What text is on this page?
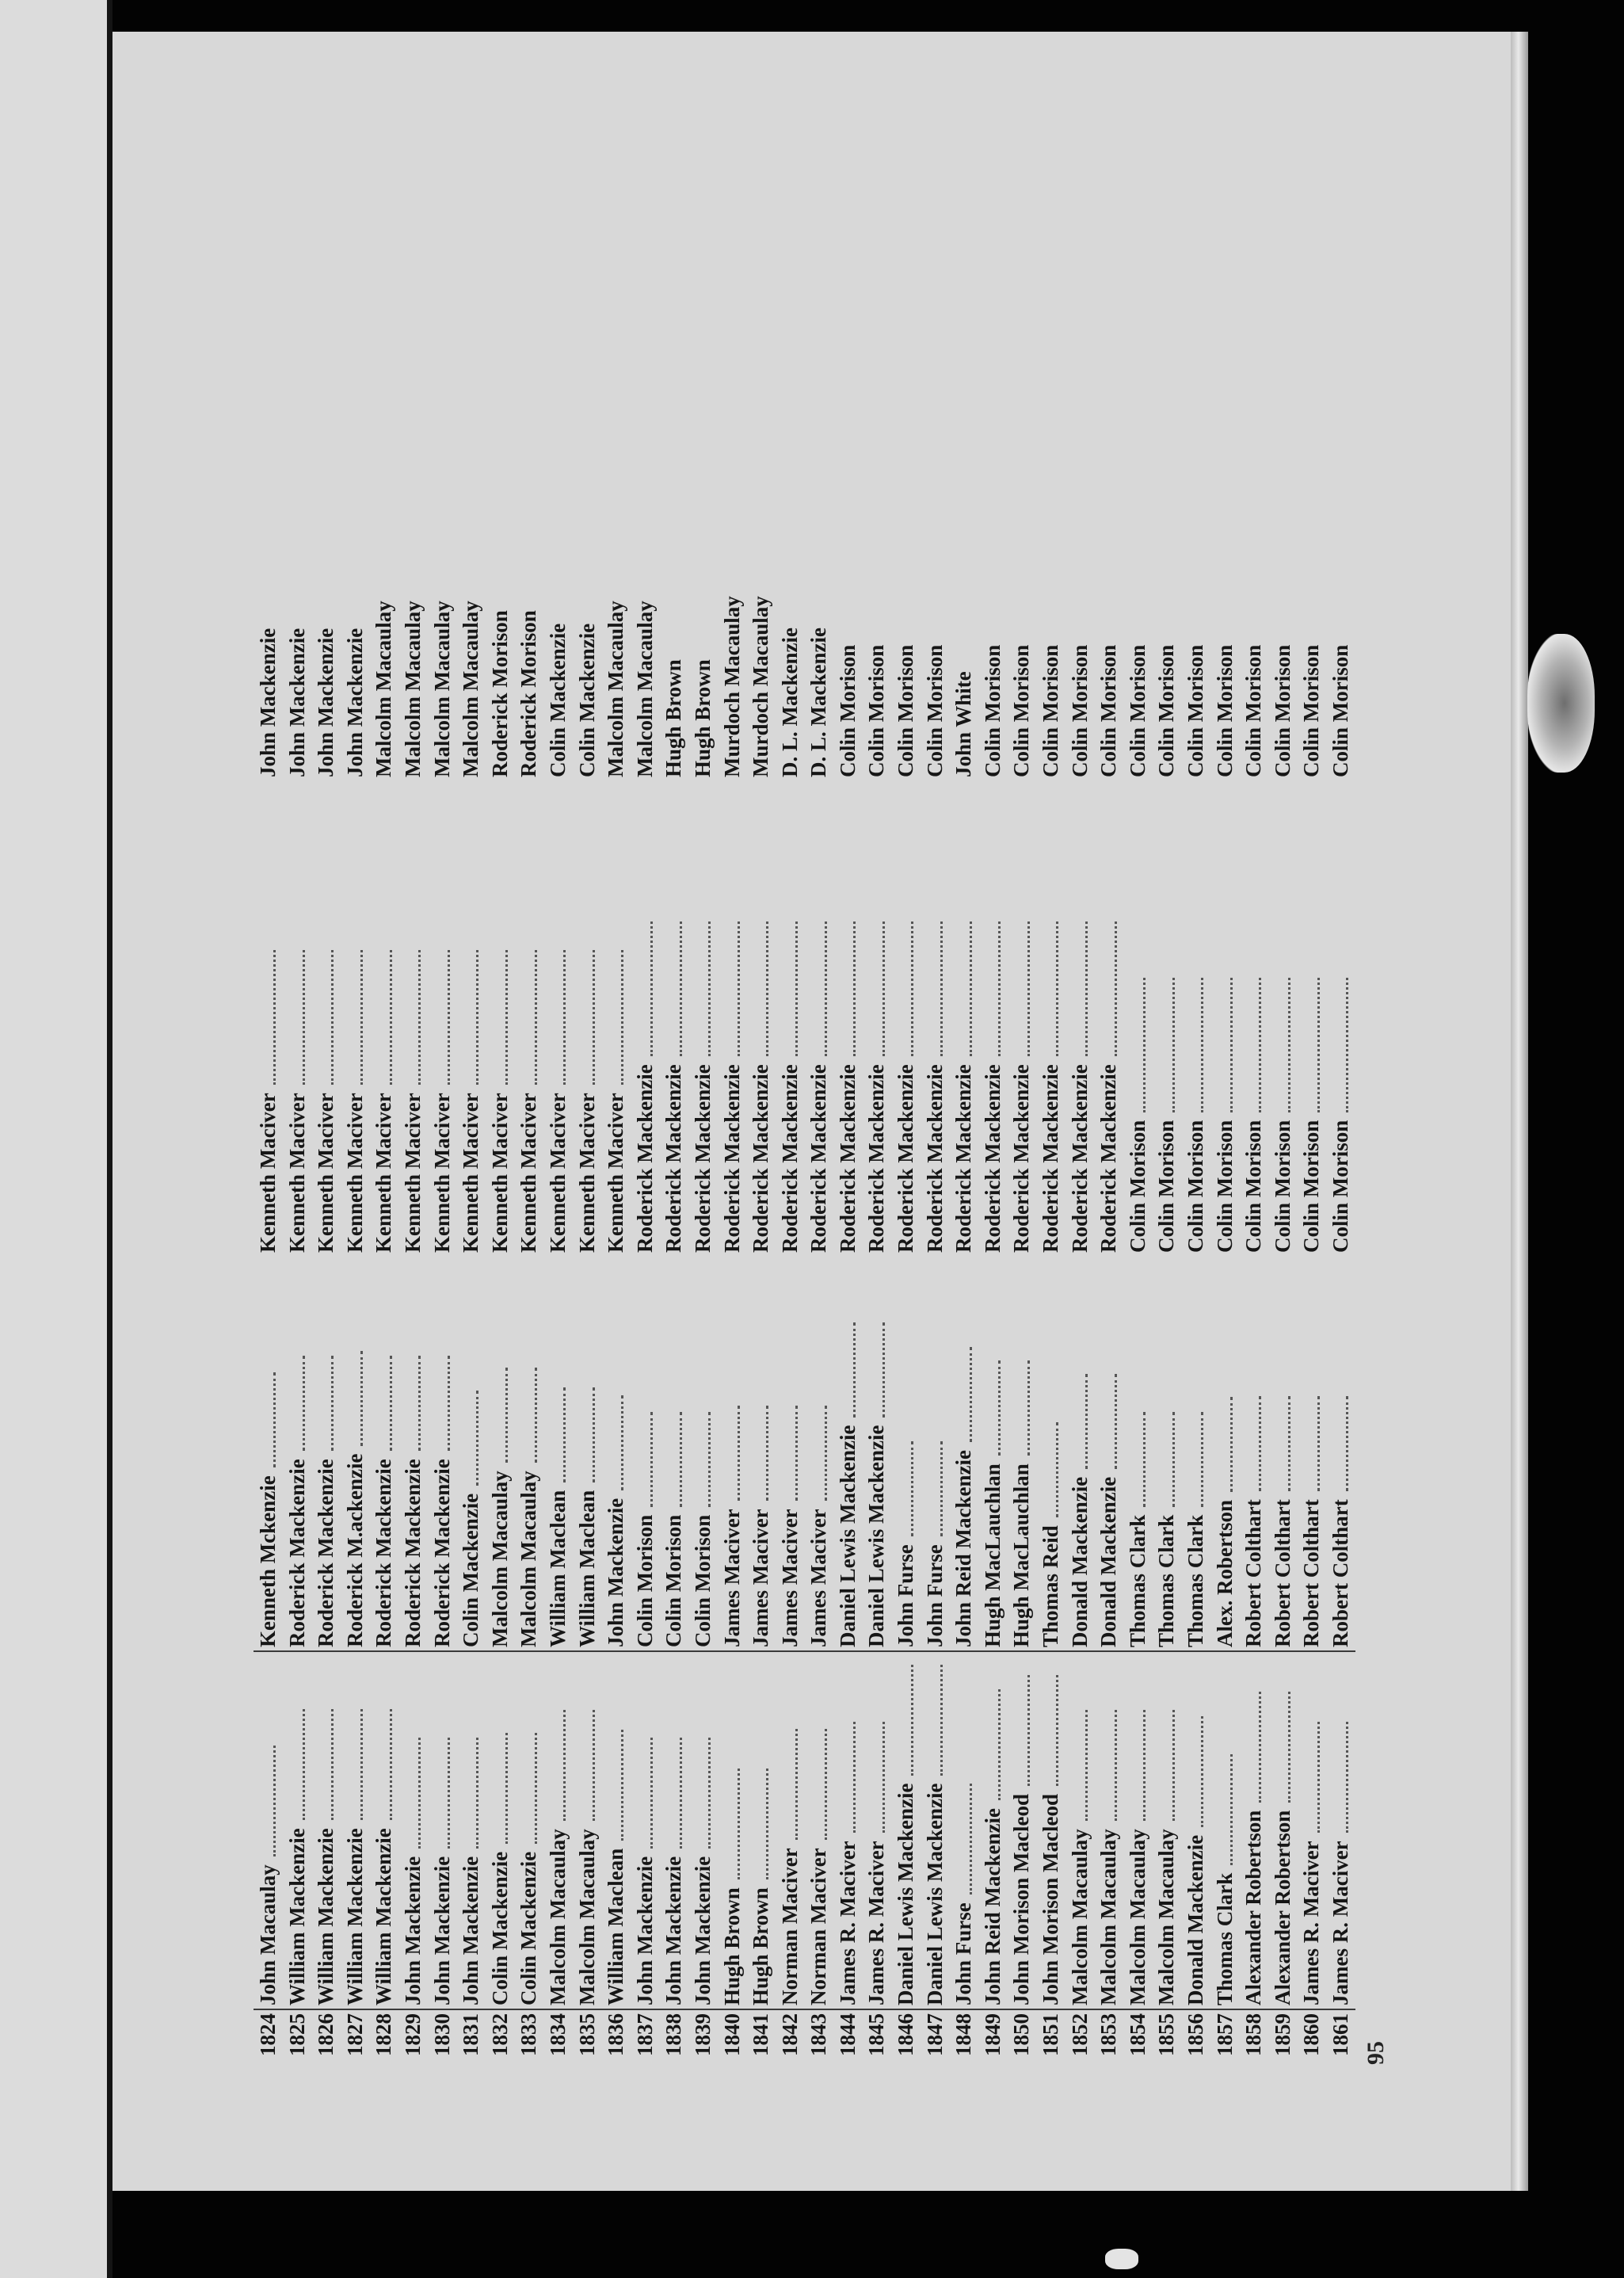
1824
John Macaulay
Kenneth Mckenzie
Kenneth Maciver
John Mackenzie
1825
William Mackenzie
Roderick Mackenzie
Kenneth Maciver
John Mackenzie
1826
William Mackenzie
Roderick Mackenzie
Kenneth Maciver
John Mackenzie
1827
William Mackenzie
Roderick M.ackenzie
Kenneth Maciver
John Mackenzie
1828
William Mackenzie
Roderick Mackenzie
Kenneth Maciver
Malcolm Macaulay
1829
John Mackenzie
Roderick Mackenzie
Kenneth Maciver
Malcolm Macaulay
1830
John Mackenzie
Roderick Mackenzie
Kenneth Maciver
Malcolm Macaulay
1831
John Mackenzie
Colin Mackenzie
Kenneth Maciver
Malcolm Macaulay
1832
Colin Mackenzie
Malcolm Macaulay
Kenneth Maciver
Roderick Morison
1833
Colin Mackenzie
Malcolm Macaulay
Kenneth Maciver
Roderick Morison
1834
Malcolm Macaulay
William Maclean
Kenneth Maciver
Colin Mackenzie
1835
Malcolm Macaulay
William Maclean
Kenneth Maciver
Colin Mackenzie
1836
William Maclean
John Mackenzie
Kenneth Maciver
Malcolm Macaulay
1837
John Mackenzie
Colin Morison
Roderick Mackenzie
Malcolm Macaulay
1838
John Mackenzie
Colin Morison
Roderick Mackenzie
Hugh Brown
1839
John Mackenzie
Colin Morison
Roderick Mackenzie
Hugh Brown
1840
Hugh Brown
James Maciver
Roderick Mackenzie
Murdoch Macaulay
1841
Hugh Brown
James Maciver
Roderick Mackenzie
Murdoch Macaulay
1842
Norman Maciver
James Maciver
Roderick Mackenzie
D. L. Mackenzie
1843
Norman Maciver
James Maciver
Roderick Mackenzie
D. L. Mackenzie
1844
James R. Maciver
Daniel Lewis Mackenzie
Roderick Mackenzie
Colin Morison
1845
James R. Maciver
Daniel Lewis Mackenzie
Roderick Mackenzie
Colin Morison
1846
Daniel Lewis Mackenzie
John Furse
Roderick Mackenzie
Colin Morison
1847
Daniel Lewis Mackenzie
John Furse
Roderick Mackenzie
Colin Morison
1848
John Furse
John Reid Mackenzie
Roderick Mackenzie
John White
1849
John Reid Mackenzie
Hugh MacLauchlan
Roderick Mackenzie
Colin Morison
1850
John Morison Macleod
Hugh MacLauchlan
Roderick Mackenzie
Colin Morison
1851
John Morison Macleod
Thomas Reid
Roderick Mackenzie
Colin Morison
1852
Malcolm Macaulay
Donald Mackenzie
Roderick Mackenzie
Colin Morison
1853
Malcolm Macaulay
Donald Mackenzie
Roderick Mackenzie
Colin Morison
1854
Malcolm Macaulay
Thomas Clark
Colin Morison
Colin Morison
1855
Malcolm Macaulay
Thomas Clark
Colin Morison
Colin Morison
1856
Donald Mackenzie
Thomas Clark
Colin Morison
Colin Morison
1857
Thomas Clark
Alex. Robertson
Colin Morison
Colin Morison
1858
Alexander Robertson
Robert Colthart
Colin Morison
Colin Morison
1859
Alexander Robertson
Robert Colthart
Colin Morison
Colin Morison
1860
James R. Maciver
Robert Colthart
Colin Morison
Colin Morison
1861
James R. Maciver
Robert Colthart
Colin Morison
Colin Morison
95
